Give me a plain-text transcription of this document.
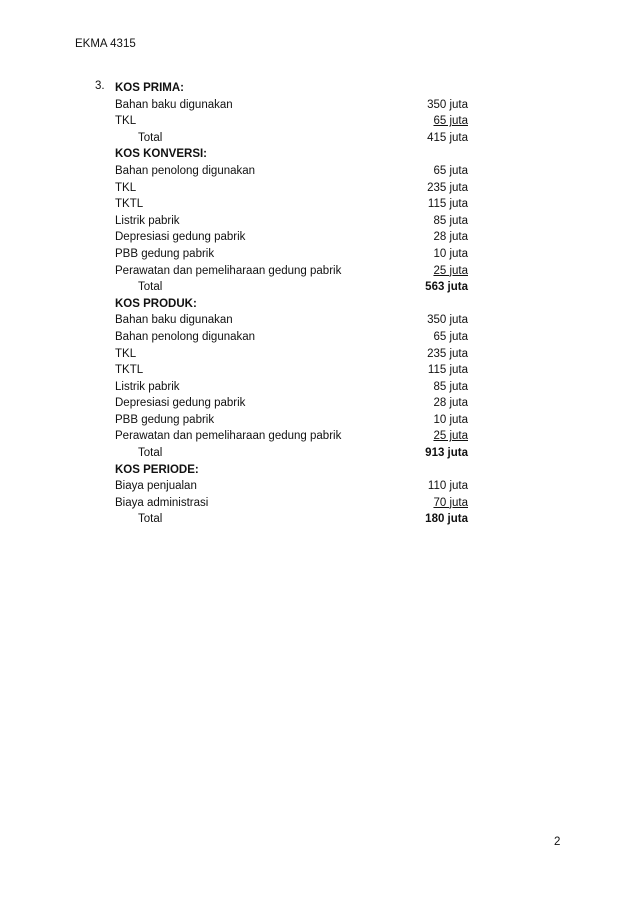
EKMA 4315
3. KOS PRIMA:
Bahan baku digunakan	350 juta
TKL	65 juta
Total	415 juta
KOS KONVERSI:
Bahan penolong digunakan	65 juta
TKL	235 juta
TKTL	115 juta
Listrik pabrik	85 juta
Depresiasi gedung pabrik	28 juta
PBB gedung pabrik	10 juta
Perawatan dan pemeliharaan gedung pabrik	25 juta
Total	563 juta
KOS PRODUK:
Bahan baku digunakan	350 juta
Bahan penolong digunakan	65 juta
TKL	235 juta
TKTL	115 juta
Listrik pabrik	85 juta
Depresiasi gedung pabrik	28 juta
PBB gedung pabrik	10 juta
Perawatan dan pemeliharaan gedung pabrik	25 juta
Total	913 juta
KOS PERIODE:
Biaya penjualan	110 juta
Biaya administrasi	70 juta
Total	180 juta
2
